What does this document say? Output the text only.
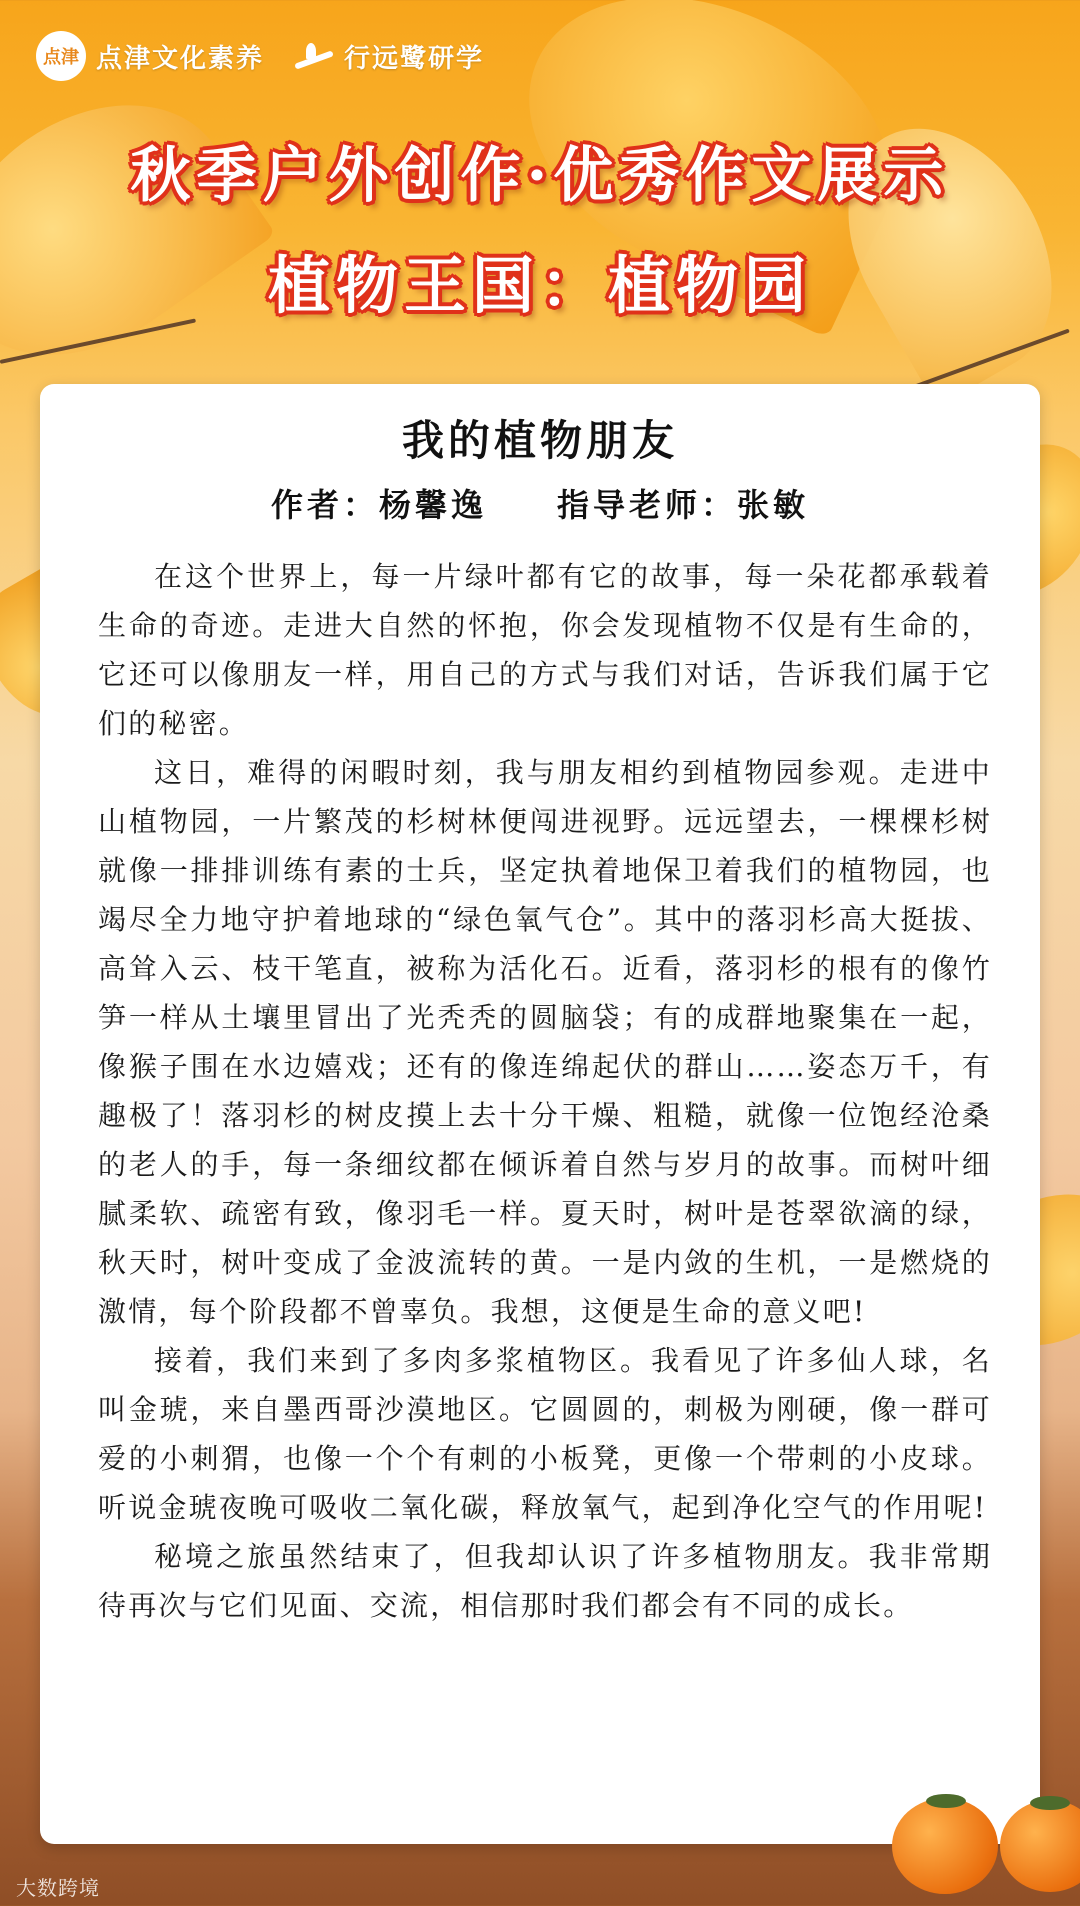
点津 点津文化素养	行远鹭研学
秋季户外创作·优秀作文展示
植物王国：植物园
我的植物朋友
作者：杨馨逸 指导老师：张敏

在这个世界上，每一片绿叶都有它的故事，每一朵花都承载着生命的奇迹。走进大自然的怀抱，你会发现植物不仅是有生命的，它还可以像朋友一样，用自己的方式与我们对话，告诉我们属于它们的秘密。

这日，难得的闲暇时刻，我与朋友相约到植物园参观。走进中山植物园，一片繁茂的杉树林便闯进视野。远远望去，一棵棵杉树就像一排排训练有素的士兵，坚定执着地保卫着我们的植物园，也竭尽全力地守护着地球的“绿色氧气仓”。其中的落羽杉高大挺拔、高耸入云、枝干笔直，被称为活化石。近看，落羽杉的根有的像竹笋一样从土壤里冒出了光秃秃的圆脑袋；有的成群地聚集在一起，像猴子围在水边嬉戏；还有的像连绵起伏的群山……姿态万千，有趣极了！落羽杉的树皮摸上去十分干燥、粗糙，就像一位饱经沧桑的老人的手，每一条细纹都在倾诉着自然与岁月的故事。而树叶细腻柔软、疏密有致，像羽毛一样。夏天时，树叶是苍翠欲滴的绿，秋天时，树叶变成了金波流转的黄。一是内敛的生机，一是燃烧的激情，每个阶段都不曾辜负。我想，这便是生命的意义吧!

接着，我们来到了多肉多浆植物区。我看见了许多仙人球，名叫金琥，来自墨西哥沙漠地区。它圆圆的，刺极为刚硬，像一群可爱的小刺猬，也像一个个有刺的小板凳，更像一个带刺的小皮球。听说金琥夜晚可吸收二氧化碳，释放氧气，起到净化空气的作用呢!

秘境之旅虽然结束了，但我却认识了许多植物朋友。我非常期待再次与它们见面、交流，相信那时我们都会有不同的成长。

大数跨境
